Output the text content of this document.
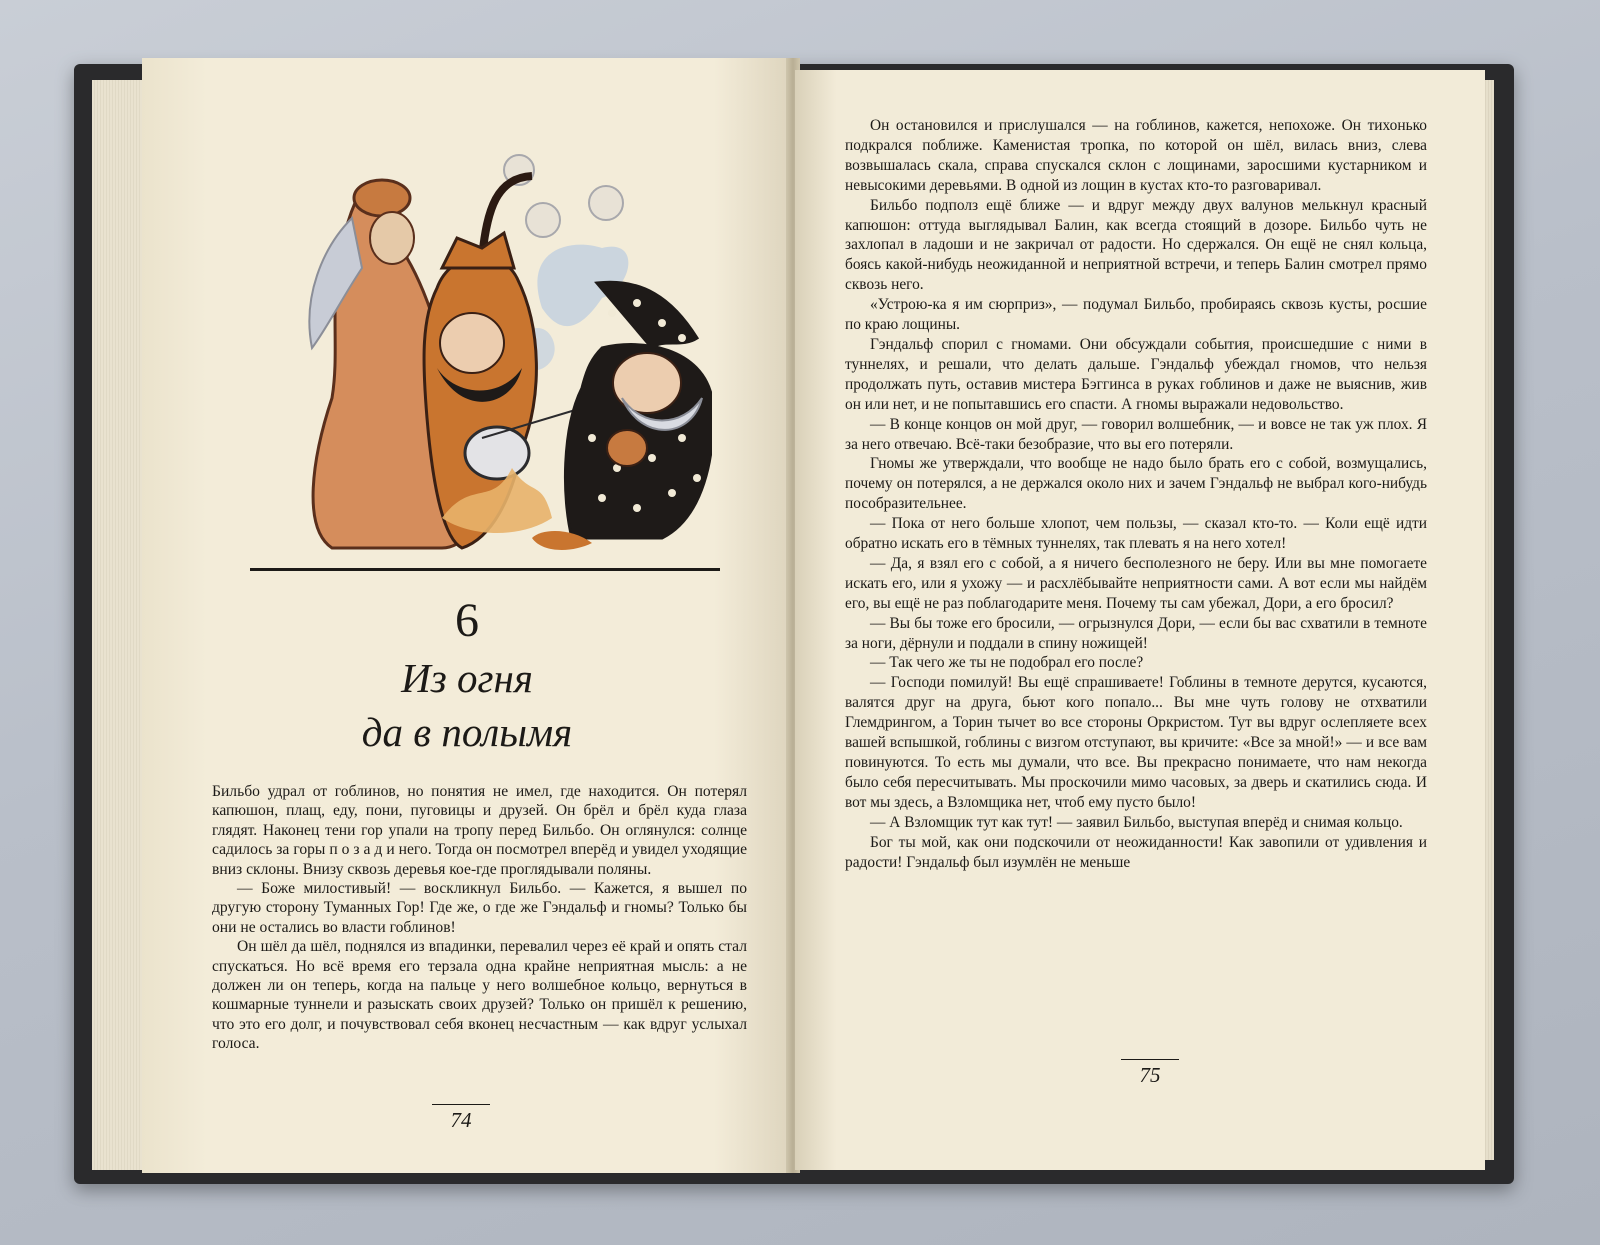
6
Из огня
да в полымя

Бильбо удрал от гоблинов, но понятия не имел, где находится. Он потерял капюшон, плащ, еду, пони, пуговицы и друзей. Он брёл и брёл куда глаза глядят. Наконец тени гор упали на тропу перед Бильбо. Он оглянулся: солнце садилось за горы п о з а д и него. Тогда он посмотрел вперёд и увидел уходящие вниз склоны. Внизу сквозь деревья кое-где проглядывали поляны.

— Боже милостивый! — воскликнул Бильбо. — Кажется, я вышел по другую сторону Туманных Гор! Где же, о где же Гэндальф и гномы? Только бы они не остались во власти гоблинов!

Он шёл да шёл, поднялся из впадинки, перевалил через её край и опять стал спускаться. Но всё время его терзала одна крайне неприятная мысль: а не должен ли он теперь, когда на пальце у него волшебное кольцо, вернуться в кошмарные туннели и разыскать своих друзей? Только он пришёл к решению, что это его долг, и почувствовал себя вконец несчастным — как вдруг услыхал голоса.

74

Он остановился и прислушался — на гоблинов, кажется, непохоже. Он тихонько подкрался поближе. Каменистая тропка, по которой он шёл, вилась вниз, слева возвышалась скала, справа спускался склон с лощинами, заросшими кустарником и невысокими деревьями. В одной из лощин в кустах кто-то разговаривал.

Бильбо подполз ещё ближе — и вдруг между двух валунов мелькнул красный капюшон: оттуда выглядывал Балин, как всегда стоящий в дозоре. Бильбо чуть не захлопал в ладоши и не закричал от радости. Но сдержался. Он ещё не снял кольца, боясь какой-нибудь неожиданной и неприятной встречи, и теперь Балин смотрел прямо сквозь него.

«Устрою-ка я им сюрприз», — подумал Бильбо, пробираясь сквозь кусты, росшие по краю лощины.

Гэндальф спорил с гномами. Они обсуждали события, происшедшие с ними в туннелях, и решали, что делать дальше. Гэндальф убеждал гномов, что нельзя продолжать путь, оставив мистера Бэггинса в руках гоблинов и даже не выяснив, жив он или нет, и не попытавшись его спасти. А гномы выражали недовольство.

— В конце концов он мой друг, — говорил волшебник, — и вовсе не так уж плох. Я за него отвечаю. Всё-таки безобразие, что вы его потеряли.

Гномы же утверждали, что вообще не надо было брать его с собой, возмущались, почему он потерялся, а не держался около них и зачем Гэндальф не выбрал кого-нибудь пособразительнее.

— Пока от него больше хлопот, чем пользы, — сказал кто-то. — Коли ещё идти обратно искать его в тёмных туннелях, так плевать я на него хотел!

— Да, я взял его с собой, а я ничего бесполезного не беру. Или вы мне помогаете искать его, или я ухожу — и расхлёбывайте неприятности сами. А вот если мы найдём его, вы ещё не раз поблагодарите меня. Почему ты сам убежал, Дори, а его бросил?

— Вы бы тоже его бросили, — огрызнулся Дори, — если бы вас схватили в темноте за ноги, дёрнули и поддали в спину ножищей!

— Так чего же ты не подобрал его после?

— Господи помилуй! Вы ещё спрашиваете! Гоблины в темноте дерутся, кусаются, валятся друг на друга, бьют кого попало... Вы мне чуть голову не отхватили Глемдрингом, а Торин тычет во все стороны Оркристом. Тут вы вдруг ослепляете всех вашей вспышкой, гоблины с визгом отступают, вы кричите: «Все за мной!» — и все вам повинуются. То есть мы думали, что все. Вы прекрасно понимаете, что нам некогда было себя пересчитывать. Мы проскочили мимо часовых, за дверь и скатились сюда. И вот мы здесь, а Взломщика нет, чтоб ему пусто было!

— А Взломщик тут как тут! — заявил Бильбо, выступая вперёд и снимая кольцо.

Бог ты мой, как они подскочили от неожиданности! Как завопили от удивления и радости! Гэндальф был изумлён не меньше

75
